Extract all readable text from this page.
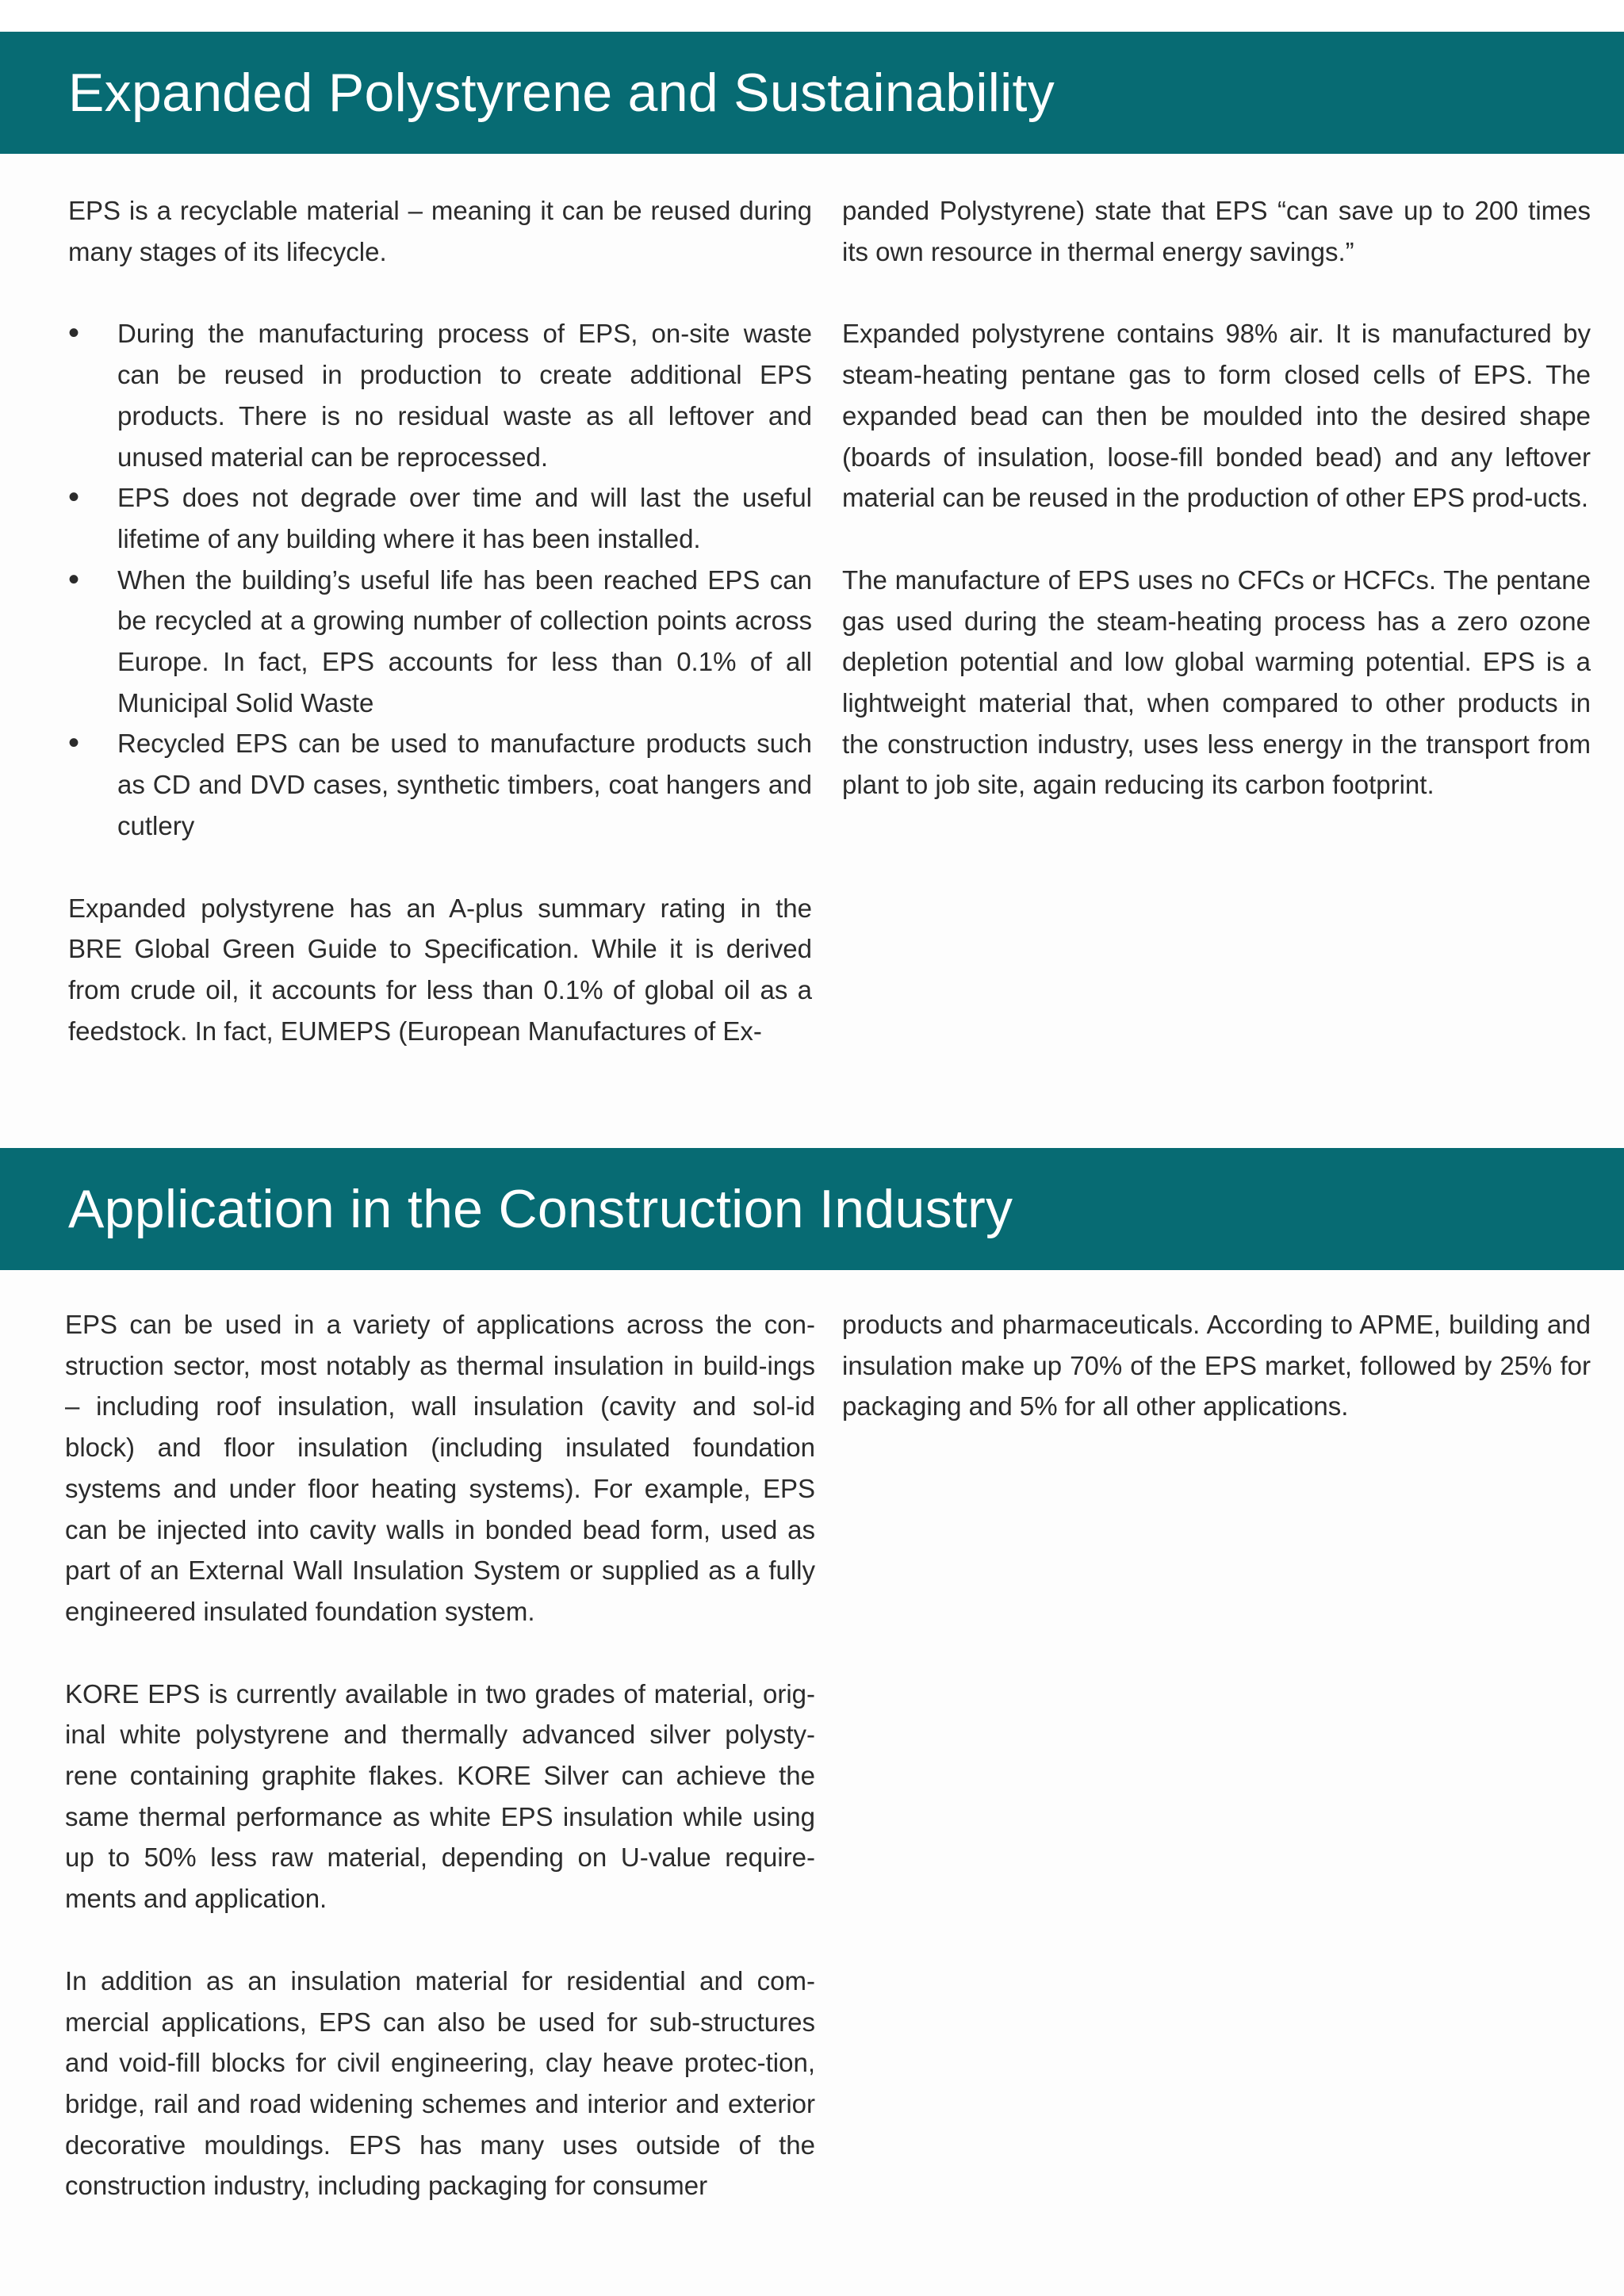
Expanded Polystyrene and Sustainability

EPS is a recyclable material – meaning it can be reused during many stages of its lifecycle.

• During the manufacturing process of EPS, on-site waste can be reused in production to create additional EPS products. There is no residual waste as all leftover and unused material can be reprocessed.
• EPS does not degrade over time and will last the useful lifetime of any building where it has been installed.
• When the building’s useful life has been reached EPS can be recycled at a growing number of collection points across Europe. In fact, EPS accounts for less than 0.1% of all Municipal Solid Waste
• Recycled EPS can be used to manufacture products such as CD and DVD cases, synthetic timbers, coat hangers and cutlery

Expanded polystyrene has an A-plus summary rating in the BRE Global Green Guide to Specification. While it is derived from crude oil, it accounts for less than 0.1% of global oil as a feedstock. In fact, EUMEPS (European Manufactures of Ex-

panded Polystyrene) state that EPS “can save up to 200 times its own resource in thermal energy savings.”

Expanded polystyrene contains 98% air. It is manufactured by steam-heating pentane gas to form closed cells of EPS. The expanded bead can then be moulded into the desired shape (boards of insulation, loose-fill bonded bead) and any leftover material can be reused in the production of other EPS prod-ucts.

The manufacture of EPS uses no CFCs or HCFCs. The pentane gas used during the steam-heating process has a zero ozone depletion potential and low global warming potential. EPS is a lightweight material that, when compared to other products in the construction industry, uses less energy in the transport from plant to job site, again reducing its carbon footprint.

Application in the Construction Industry

EPS can be used in a variety of applications across the con-struction sector, most notably as thermal insulation in build-ings – including roof insulation, wall insulation (cavity and sol-id block) and floor insulation (including insulated foundation systems and under floor heating systems). For example, EPS can be injected into cavity walls in bonded bead form, used as part of an External Wall Insulation System or supplied as a fully engineered insulated foundation system.

KORE EPS is currently available in two grades of material, orig-inal white polystyrene and thermally advanced silver polysty-rene containing graphite flakes. KORE Silver can achieve the same thermal performance as white EPS insulation while using up to 50% less raw material, depending on U-value require-ments and application.

In addition as an insulation material for residential and com-mercial applications, EPS can also be used for sub-structures and void-fill blocks for civil engineering, clay heave protec-tion, bridge, rail and road widening schemes and interior and exterior decorative mouldings. EPS has many uses outside of the construction industry, including packaging for consumer

products and pharmaceuticals. According to APME, building and insulation make up 70% of the EPS market, followed by 25% for packaging and 5% for all other applications.
